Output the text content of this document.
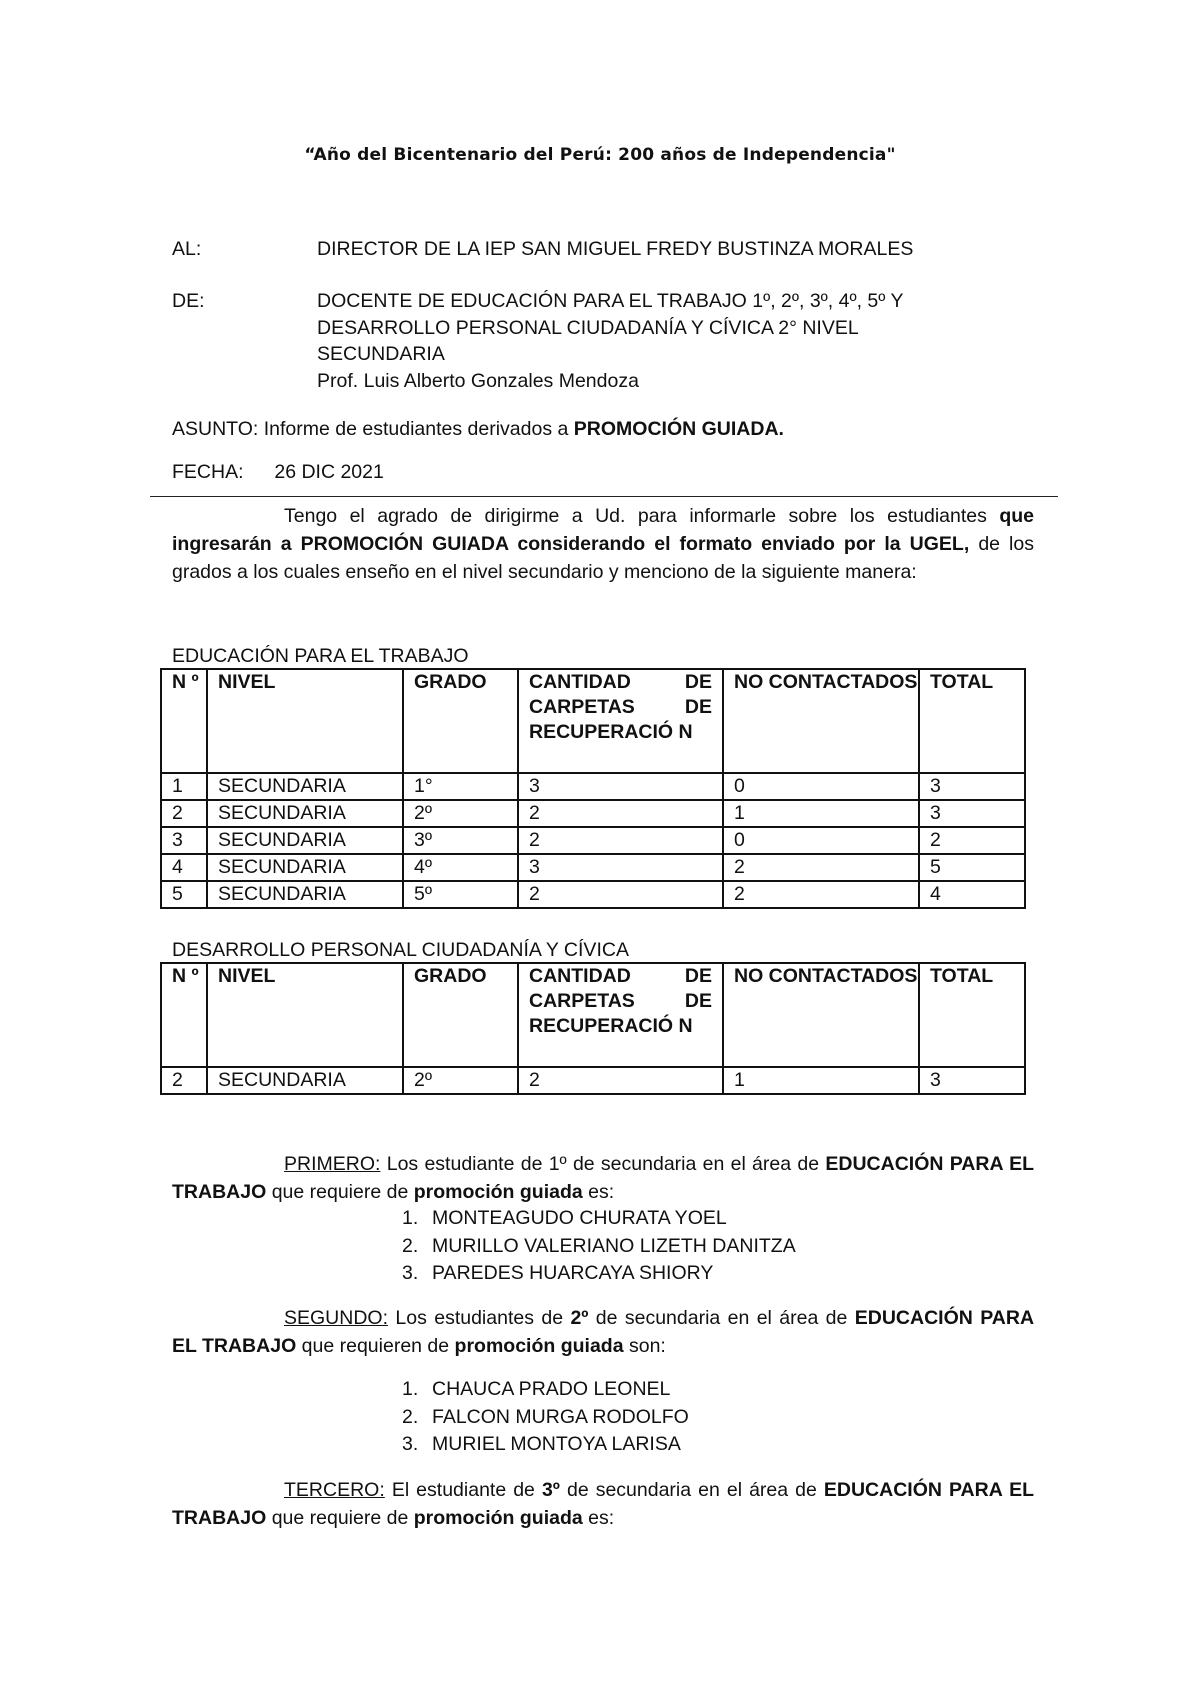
“Año del Bicentenario del Perú: 200 años de Independencia"
AL:	DIRECTOR DE LA IEP SAN MIGUEL FREDY BUSTINZA MORALES
DE:	DOCENTE DE EDUCACIÓN PARA EL TRABAJO 1º, 2º, 3º, 4º, 5º Y
DESARROLLO PERSONAL CIUDADANÍA Y CÍVICA 2° NIVEL
SECUNDARIA
Prof. Luis Alberto Gonzales Mendoza
ASUNTO: Informe de estudiantes derivados a PROMOCIÓN GUIADA.
FECHA: 26 DIC 2021
Tengo el agrado de dirigirme a Ud. para informarle sobre los estudiantes que ingresarán a PROMOCIÓN GUIADA considerando el formato enviado por la UGEL, de los grados a los cuales enseño en el nivel secundario y menciono de la siguiente manera:
EDUCACIÓN PARA EL TRABAJO
N º	NIVEL	GRADO	CANTIDAD DE CARPETAS DE RECUPERACIÓ N	NO CONTACTADOS	TOTAL
1	SECUNDARIA	1°	3	0	3
2	SECUNDARIA	2º	2	1	3
3	SECUNDARIA	3º	2	0	2
4	SECUNDARIA	4º	3	2	5
5	SECUNDARIA	5º	2	2	4
DESARROLLO PERSONAL CIUDADANÍA Y CÍVICA
N º	NIVEL	GRADO	CANTIDAD DE CARPETAS DE RECUPERACIÓ N	NO CONTACTADOS	TOTAL
2	SECUNDARIA	2º	2	1	3
PRIMERO: Los estudiante de 1º de secundaria en el área de EDUCACIÓN PARA EL TRABAJO que requiere de promoción guiada es:
1. MONTEAGUDO CHURATA YOEL
2. MURILLO VALERIANO LIZETH DANITZA
3. PAREDES HUARCAYA SHIORY
SEGUNDO: Los estudiantes de 2º de secundaria en el área de EDUCACIÓN PARA EL TRABAJO que requieren de promoción guiada son:
1. CHAUCA PRADO LEONEL
2. FALCON MURGA RODOLFO
3. MURIEL MONTOYA LARISA
TERCERO: El estudiante de 3º de secundaria en el área de EDUCACIÓN PARA EL TRABAJO que requiere de promoción guiada es:
